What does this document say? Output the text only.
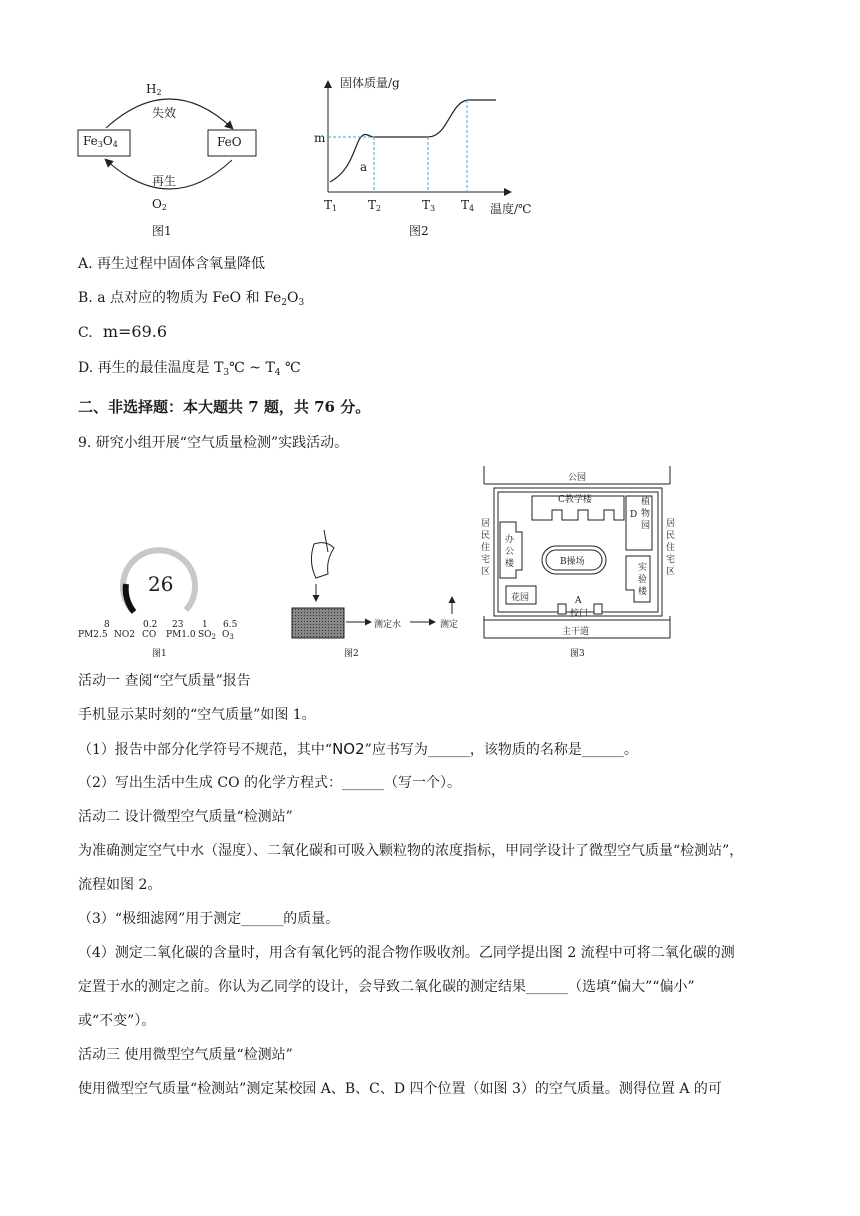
Fe3O4	FeO
H2
失效
再生
O2
图1
固体质量/g
m
a
T1	T2	T3 T4 温度/℃
图2
A. 再生过程中固体含氧量降低
B. a 点对应的物质为 FeO 和 $Fe_2O_3$
C. m=69.6
D. 再生的最佳温度是 $T_3℃$ ~ $T_4$ ℃
二、非选择题：本大题共 7 题，共 76 分。
9. 研究小组开展“空气质量检测”实践活动。
26
8	0.2 23 1 6.5
PM2.5 NO2 CO PM1.0 $SO_2$ $O_3$
图1
测定水	测定
图2
公园
C教学楼
D
植物园
居民住宅区
居民住宅区
办公楼	B操场
实验楼
花园	A
校门
主干道
图3
活动一 查阅“空气质量”报告
手机显示某时刻的“空气质量”如图 1。
（1）报告中部分化学符号不规范，其中“NO2”应书写为______，该物质的名称是______。
（2）写出生活中生成 CO 的化学方程式：______（写一个）。
活动二 设计微型空气质量“检测站”
为准确测定空气中水（湿度）、二氧化碳和可吸入颗粒物的浓度指标，甲同学设计了微型空气质量“检测站”，
流程如图 2。
（3）“极细滤网”用于测定______的质量。
（4）测定二氧化碳的含量时，用含有氧化钙的混合物作吸收剂。乙同学提出图 2 流程中可将二氧化碳的测
定置于水的测定之前。你认为乙同学的设计，会导致二氧化碳的测定结果______（选填“偏大”“偏小”
或“不变”）。
活动三 使用微型空气质量“检测站”
使用微型空气质量“检测站”测定某校园 A、B、C、D 四个位置（如图 3）的空气质量。测得位置 A 的可
